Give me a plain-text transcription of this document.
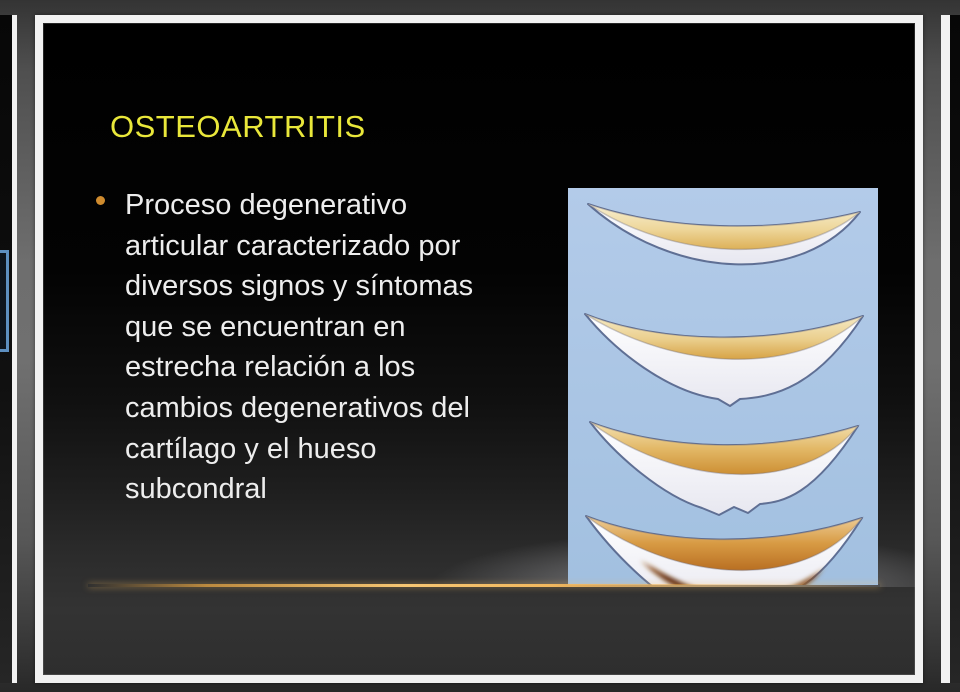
OSTEOARTRITIS
Proceso degenerativo
articular caracterizado por
diversos signos y síntomas
que se encuentran en
estrecha relación a los
cambios degenerativos del
cartílago y el hueso
subcondral
